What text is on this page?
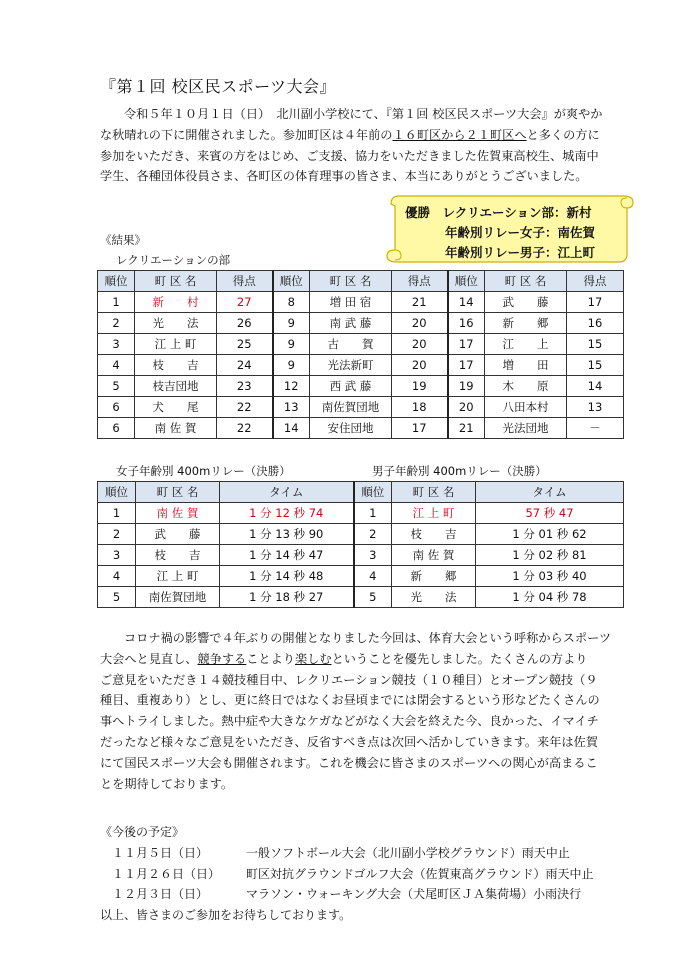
『第１回 校区民スポーツ大会』

令和５年１０月１日（日）　北川副小学校にて、『第１回 校区民スポーツ大会』が爽やか

な秋晴れの下に開催されました。参加町区は４年前の１６町区から２１町区へと多くの方に

参加をいただき、来賓の方をはじめ、ご支援、協力をいただきました佐賀東高校生、城南中

学生、各種団体役員さま、各町区の体育理事の皆さま、本当にありがとうございました。

優勝　 レクリエーション部：新村
年齢別リレー女子：南佐賀
年齢別リレー男子：江上町
《結果》
レクリエーションの部
順位	町 区 名	得点	順位	町 区 名	得点	順位	町 区 名	得点
1	新　　村	27	8	増 田 宿	21	14	武　　藤	17
2	光　　法	26	9	南 武 藤	20	16	新　　郷	16
3	江 上 町	25	9	古　　賀	20	17	江　　上	15
4	枝　　吉	24	9	光法新町	20	17	増　　田	15
5	枝吉団地	23	12	西 武 藤	19	19	木　　原	14
6	犬　　尾	22	13	南佐賀団地	18	20	八田本村	13
6	南 佐 賀	22	14	安住団地	17	21	光法団地	－
女子年齢別 400mリレー（決勝）	男子年齢別 400mリレー（決勝）
順位	町 区 名	タイム	順位	町 区 名	タイム
1	南 佐 賀	1 分 12 秒 74	1	江 上 町	57 秒 47
2	武　　藤	1 分 13 秒 90	2	枝　　吉	1 分 01 秒 62
3	枝　　吉	1 分 14 秒 47	3	南 佐 賀	1 分 02 秒 81
4	江 上 町	1 分 14 秒 48	4	新　　郷	1 分 03 秒 40
5	南佐賀団地	1 分 18 秒 27	5	光　　法	1 分 04 秒 78

コロナ禍の影響で４年ぶりの開催となりました今回は、体育大会という呼称からスポーツ

大会へと見直し、競争することより楽しむということを優先しました。たくさんの方より

ご意見をいただき１４競技種目中、レクリエーション競技（１０種目）とオープン競技（９

種目、重複あり）とし、更に終日ではなくお昼頃までには閉会するという形などたくさんの

事へトライしました。熱中症や大きなケガなどがなく大会を終えた今、良かった、イマイチ

だったなど様々なご意見をいただき、反省すべき点は次回へ活かしていきます。来年は佐賀

にて国民スポーツ大会も開催されます。これを機会に皆さまのスポーツへの関心が高まるこ

とを期待しております。

《今後の予定》
１１月５日（日）	一般ソフトボール大会（北川副小学校グラウンド）雨天中止
１１月２６日（日） 町区対抗グラウンドゴルフ大会（佐賀東高グラウンド）雨天中止
１２月３日（日）	マラソン・ウォーキング大会（犬尾町区ＪＡ集荷場）小雨決行
以上、皆さまのご参加をお待ちしております。
